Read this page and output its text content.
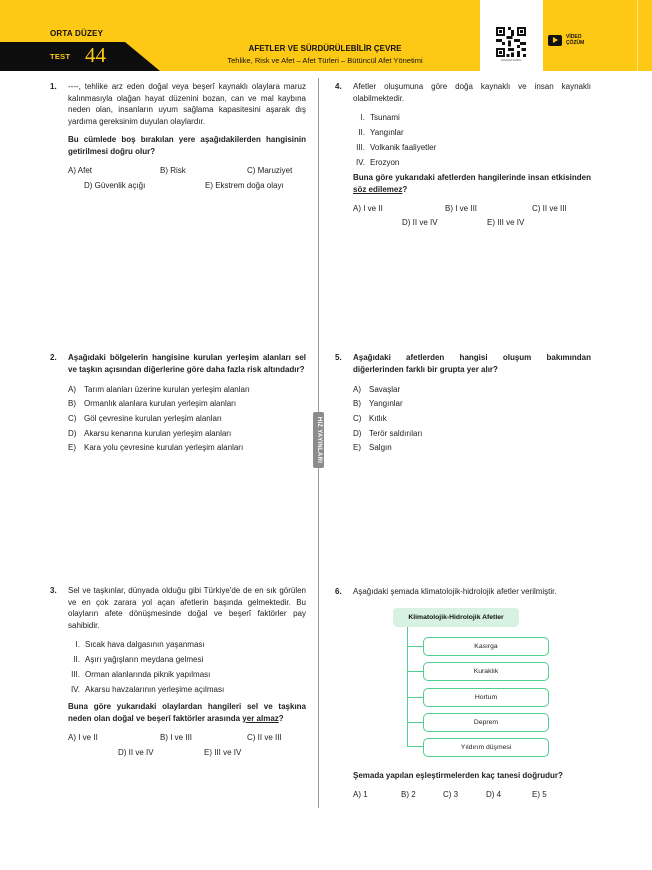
ORTA DÜZEY
TEST 44	AFETLER VE SÜRDÜRÜLEBİLİR ÇEVRE
Tehlike, Risk ve Afet – Afet Türleri – Bütüncül Afet Yönetimi	ÇÖZÜM KODU
VİDEO
ÇÖZÜM
HIZ YAYINLARI
1. ----, tehlike arz eden doğal veya beşerî kaynaklı olaylara maruz kalınmasıyla olağan hayat düzenini bozan, can ve mal kaybına neden olan, insanların uyum sağlama kapasitesini aşarak dış yardıma gereksinim duyulan olaylardır.

Bu cümlede boş bırakılan yere aşağıdakilerden hangisinin getirilmesi doğru olur?

A) Afet	B) Risk	C) Maruziyet
D) Güvenlik açığı	E) Ekstrem doğa olayı
2. Aşağıdaki bölgelerin hangisine kurulan yerleşim alanları sel ve taşkın açısından diğerlerine göre daha fazla risk altındadır?

A)	Tarım alanları üzerine kurulan yerleşim alanları
B)	Ormanlık alanlara kurulan yerleşim alanları
C) Göl çevresine kurulan yerleşim alanları
D) Akarsu kenarına kurulan yerleşim alanları
E)	Kara yolu çevresine kurulan yerleşim alanları
3. Sel ve taşkınlar, dünyada olduğu gibi Türkiye'de de en sık görülen ve en çok zarara yol açan afetlerin başında gelmektedir. Bu olayların afete dönüşmesinde doğal ve beşerî faktörler pay sahibidir.

I. Sıcak hava dalgasının yaşanması
II. Aşırı yağışların meydana gelmesi
III. Orman alanlarında piknik yapılması
IV. Akarsu havzalarının yerleşime açılması

Buna göre yukarıdaki olaylardan hangileri sel ve taşkına neden olan doğal ve beşerî faktörler arasında yer almaz?

A) I ve II	B) I ve III	C) II ve III
D) II ve IV	E) III ve IV
4. Afetler oluşumuna göre doğa kaynaklı ve insan kaynaklı olabilmektedir.

I. Tsunami
II. Yangınlar
III. Volkanik faaliyetler
IV. Erozyon

Buna göre yukarıdaki afetlerden hangilerinde insan etkisinden söz edilemez?

A) I ve II	B) I ve III	C) II ve III
D) II ve IV	E) III ve IV
5. Aşağıdaki afetlerden hangisi oluşum bakımından diğerlerinden farklı bir grupta yer alır?

A)	Savaşlar
B)	Yangınlar
C) Kıtlık
D) Terör saldırıları
E)	Salgın
6. Aşağıdaki şemada klimatolojik-hidrolojik afetler verilmiştir.

Klimatolojik-Hidrolojik Afetler
Kasırga
Kuraklık
Hortum
Deprem
Yıldırım düşmesi

Şemada yapılan eşleştirmelerden kaç tanesi doğrudur?

A) 1	B) 2	C) 3	D) 4	E) 5
